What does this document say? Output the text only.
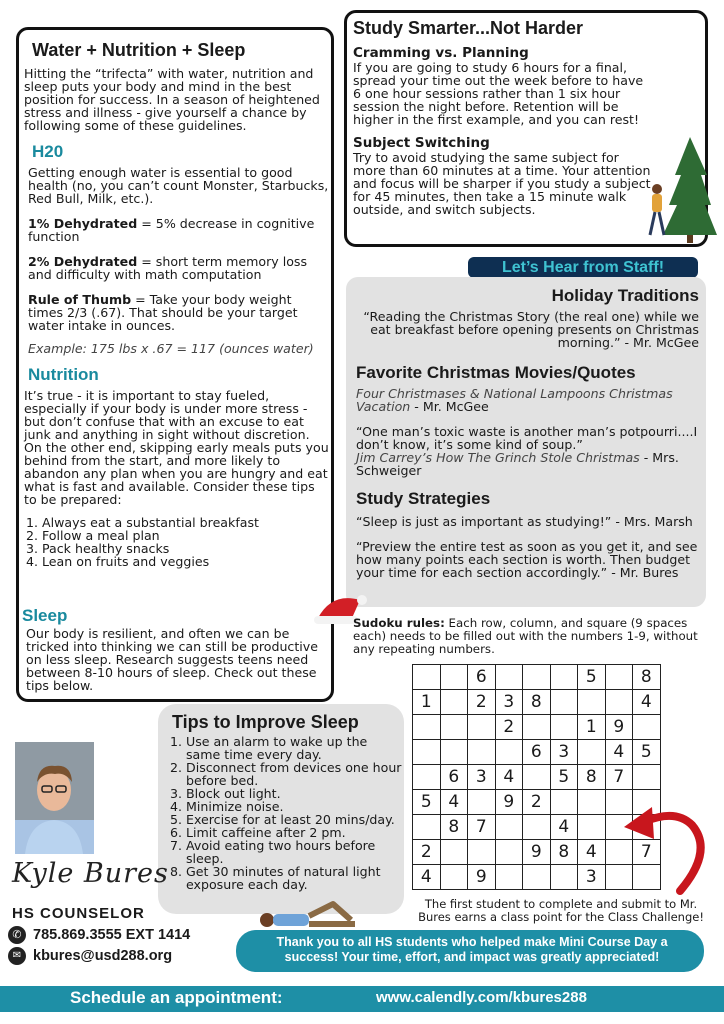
Water + Nutrition + Sleep

Hitting the “trifecta” with water, nutrition and sleep puts your body and mind in the best position for success. In a season of heightened stress and illness - give yourself a chance by following some of these guidelines.

H20

Getting enough water is essential to good health (no, you can’t count Monster, Starbucks, Red Bull, Milk, etc.).

1% Dehydrated = 5% decrease in cognitive function

2% Dehydrated = short term memory loss and difficulty with math computation

Rule of Thumb = Take your body weight times 2/3 (.67). That should be your target water intake in ounces.

Example: 175 lbs x .67 = 117 (ounces water)

Nutrition

It’s true - it is important to stay fueled, especially if your body is under more stress - but don’t confuse that with an excuse to eat junk and anything in sight without discretion. On the other end, skipping early meals puts you behind from the start, and more likely to abandon any plan when you are hungry and eat what is fast and available. Consider these tips to be prepared:

1. Always eat a substantial breakfast
2. Follow a meal plan
3. Pack healthy snacks
4. Lean on fruits and veggies
Sleep

Our body is resilient, and often we can be tricked into thinking we can still be productive on less sleep. Research suggests teens need between 8-10 hours of sleep. Check out these tips below.

Study Smarter...Not Harder
Cramming vs. Planning

If you are going to study 6 hours for a final, spread your time out the week before to have 6 one hour sessions rather than 1 six hour session the night before. Retention will be higher in the first example, and you can rest!

Subject Switching

Try to avoid studying the same subject for more than 60 minutes at a time. Your attention and focus will be sharper if you study a subject for 45 minutes, then take a 15 minute walk outside, and switch subjects.

Let’s Hear from Staff!
Holiday Traditions

“Reading the Christmas Story (the real one) while we eat breakfast before opening presents on Christmas morning.” - Mr. McGee

Favorite Christmas Movies/Quotes

Four Christmases & National Lampoons Christmas Vacation - Mr. McGee

“One man’s toxic waste is another man’s potpourri....I don’t know, it’s some kind of soup.”

Jim Carrey’s How The Grinch Stole Christmas - Mrs. Schweiger

Study Strategies

“Sleep is just as important as studying!” - Mrs. Marsh

“Preview the entire test as soon as you get it, and see how many points each section is worth. Then budget your time for each section accordingly.” - Mr. Bures

Sudoku rules: Each row, column, and square (9 spaces each) needs to be filled out with the numbers 1-9, without any repeating numbers.

		6				5		8
1		2	3	8				4
			2			1	9	
				6	3		4	5
	6	3	4		5	8	7	
5	4		9	2				
	8	7			4			
2				9	8	4		7
4		9				3		

The first student to complete and submit to Mr. Bures earns a class point for the Class Challenge!

Tips to Improve Sleep
1. Use an alarm to wake up the same time every day.
2. Disconnect from devices one hour before bed.
3. Block out light.
4. Minimize noise.
5. Exercise for at least 20 mins/day.
6. Limit caffeine after 2 pm.
7. Avoid eating two hours before sleep.
8. Get 30 minutes of natural light exposure each day.
Kyle Bures
HS COUNSELOR
✆ 785.869.3555 EXT 1414
✉ kbures@usd288.org

Thank you to all HS students who helped make Mini Course Day a success! Your time, effort, and impact was greatly appreciated!

Schedule an appointment:	www.calendly.com/kbures288
